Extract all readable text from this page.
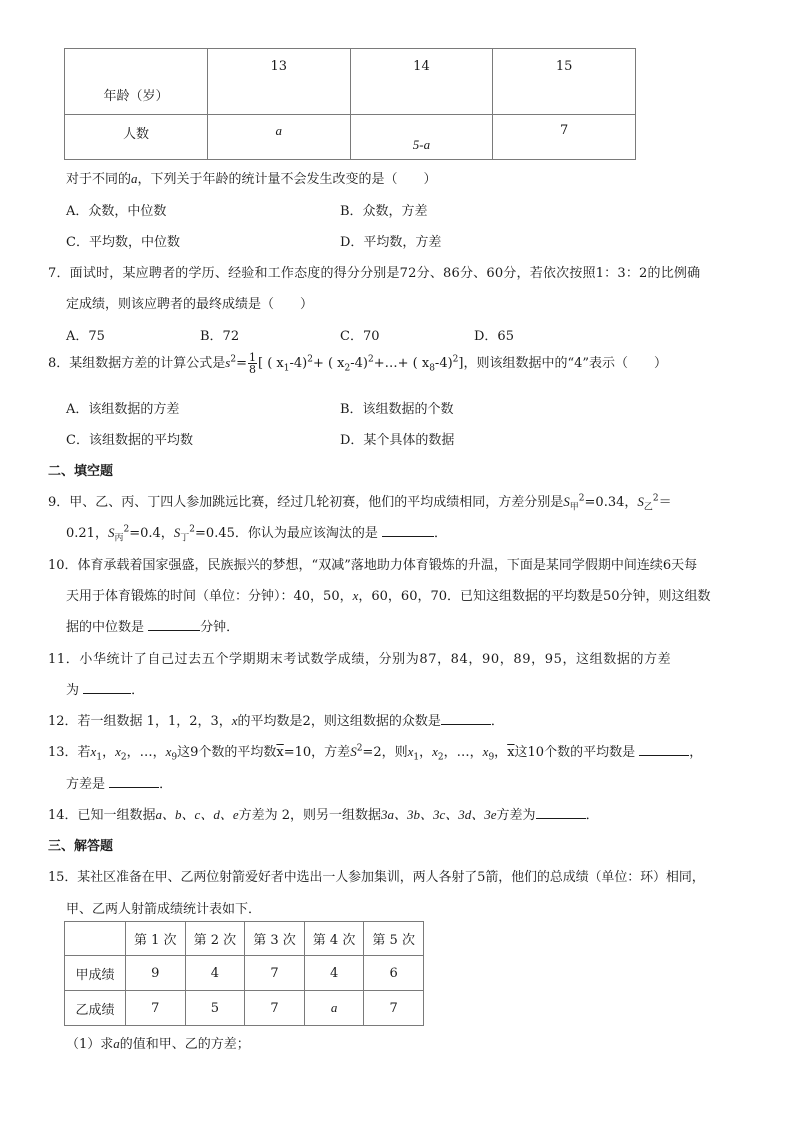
年龄（岁）	13	14	15
人数	a	5-a	7
对于不同的a，下列关于年龄的统计量不会发生改变的是（　　）
A．众数，中位数	B．众数，方差
C．平均数，中位数	D．平均数，方差
7．面试时，某应聘者的学历、经验和工作态度的得分分别是72分、86分、60分，若依次按照1：3：2的比例确
定成绩，则该应聘者的最终成绩是（　　）
A．75	B．72	C．70	D．65
8．某组数据方差的计算公式是$s^2= \frac{1}{8}$ [ ( $x_1-4)^2+$ ( $x_2-4)^2+\dots+$ ( $x_8-4)^2$]，则该组数据中的“4”表示（　　）
A．该组数据的方差	B．该组数据的个数
C．该组数据的平均数	D．某个具体的数据
二、填空题
9．甲、乙、丙、丁四人参加跳远比赛，经过几轮初赛，他们的平均成绩相同，方差分别是$S_甲^2=0.34$，$S_乙^2=$
0.21，$S_丙^2=0.4$，$S_丁^2=0.45$．你认为最应该淘汰的是	．
10．体育承载着国家强盛，民族振兴的梦想，“双减”落地助力体育锻炼的升温，下面是某同学假期中间连续6天每
天用于体育锻炼的时间（单位：分钟）：40，50，x，60，60，70．已知这组数据的平均数是50分钟，则这组数
据的中位数是	分钟．
11．小华统计了自己过去五个学期期末考试数学成绩，分别为87，84，90，89，95，这组数据的方差
为	．
12．若一组数据 1，1，2，3，x的平均数是2，则这组数据的众数是	．
13．若$x_1$，$x_2$，…，$x_9$这9个数的平均数$\overline{x}=10$，方差$S^2=2$，则$x_1$，$x_2$，…，$x_9$，$\overline{x}$这10个数的平均数是	，
方差是	．
14．已知一组数据a、b、c、d、e方差为 2，则另一组数据3a、3b、3c、3d、3e方差为	．
三、解答题
15．某社区准备在甲、乙两位射箭爱好者中选出一人参加集训，两人各射了5箭，他们的总成绩（单位：环）相同，
甲、乙两人射箭成绩统计表如下．
	第 1 次	第 2 次	第 3 次	第 4 次	第 5 次
甲成绩	9	4	7	4	6
乙成绩	7	5	7	a	7
（1）求a的值和甲、乙的方差；
